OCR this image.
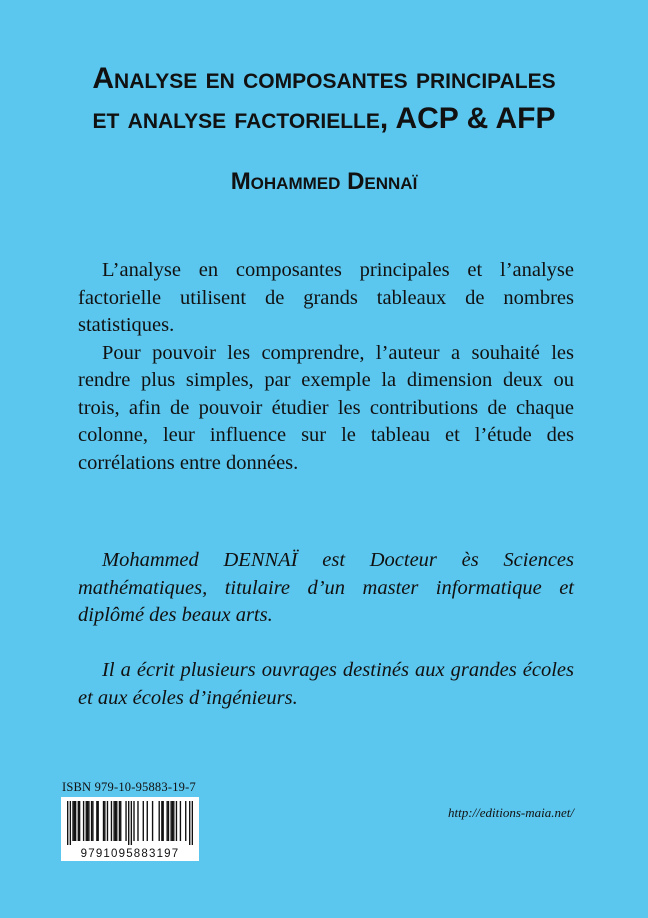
Analyse en composantes principales
et analyse factorielle, ACP & AFP
Mohammed Dennaï

L’analyse en composantes principales et l’analyse factorielle utilisent de grands tableaux de nombres statistiques.

Pour pouvoir les comprendre, l’auteur a souhaité les rendre plus simples, par exemple la dimension deux ou trois, afin de pouvoir étudier les contributions de chaque colonne, leur influence sur le tableau et l’étude des corrélations entre données.

Mohammed DENNAÏ est Docteur ès Sciences mathématiques, titulaire d’un master informatique et diplômé des beaux arts.

Il a écrit plusieurs ouvrages destinés aux grandes écoles et aux écoles d’ingénieurs.

ISBN 979-10-95883-19-7
9791095883197
http://editions-maia.net/
